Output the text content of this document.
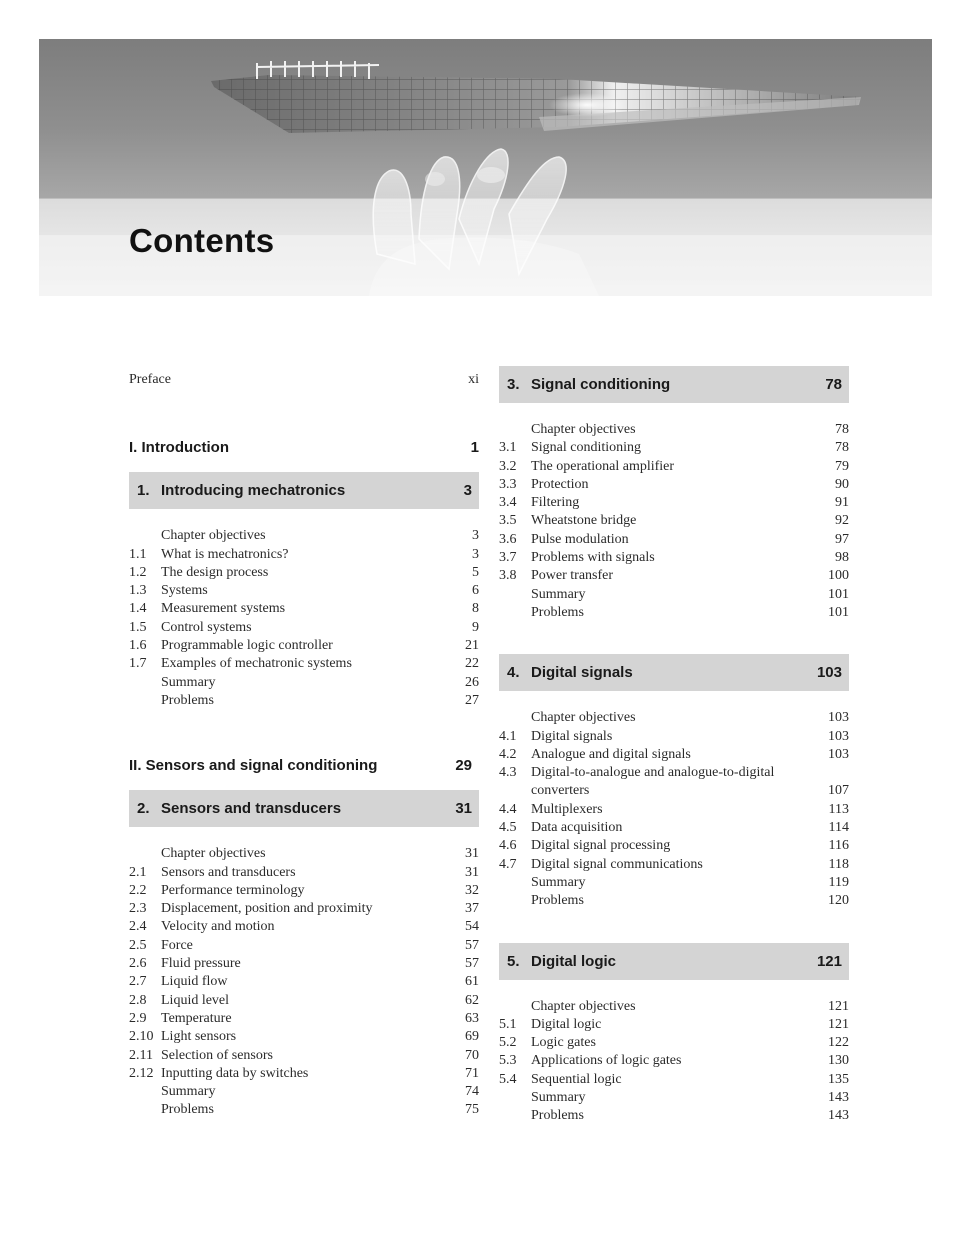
Contents
Preface	xi
I. Introduction	1
1. Introducing mechatronics	3
Chapter objectives	3
1.1	What is mechatronics?	3
1.2	The design process	5
1.3	Systems	6
1.4	Measurement systems	8
1.5	Control systems	9
1.6	Programmable logic controller	21
1.7	Examples of mechatronic systems	22
Summary	26
Problems	27
II. Sensors and signal conditioning	29
2. Sensors and transducers	31
Chapter objectives	31
2.1	Sensors and transducers	31
2.2	Performance terminology	32
2.3	Displacement, position and proximity	37
2.4	Velocity and motion	54
2.5	Force	57
2.6	Fluid pressure	57
2.7	Liquid flow	61
2.8	Liquid level	62
2.9	Temperature	63
2.10 Light sensors	69
2.11 Selection of sensors	70
2.12 Inputting data by switches	71
Summary	74
Problems	75
3. Signal conditioning	78
Chapter objectives	78
3.1	Signal conditioning	78
3.2	The operational amplifier	79
3.3	Protection	90
3.4	Filtering	91
3.5	Wheatstone bridge	92
3.6	Pulse modulation	97
3.7	Problems with signals	98
3.8	Power transfer	100
Summary	101
Problems	101
4. Digital signals	103
Chapter objectives	103
4.1	Digital signals	103
4.2	Analogue and digital signals	103
4.3	Digital-to-analogue and analogue-to-digital
converters	107
4.4	Multiplexers	113
4.5	Data acquisition	114
4.6	Digital signal processing	116
4.7	Digital signal communications	118
Summary	119
Problems	120
5. Digital logic	121
Chapter objectives	121
5.1	Digital logic	121
5.2	Logic gates	122
5.3	Applications of logic gates	130
5.4	Sequential logic	135
Summary	143
Problems	143
